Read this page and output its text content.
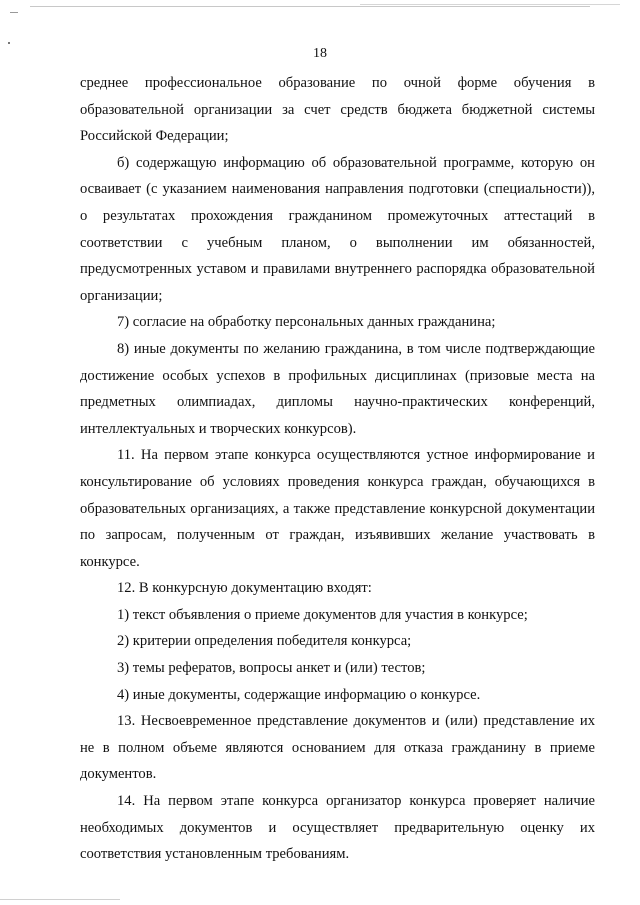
18

среднее профессиональное образование по очной форме обучения в образовательной организации за счет средств бюджета бюджетной системы Российской Федерации;

б) содержащую информацию об образовательной программе, которую он осваивает (с указанием наименования направления подготовки (специальности)), о результатах прохождения гражданином промежуточных аттестаций в соответствии с учебным планом, о выполнении им обязанностей, предусмотренных уставом и правилами внутреннего распорядка образовательной организации;

7) согласие на обработку персональных данных гражданина;

8) иные документы по желанию гражданина, в том числе подтверждающие достижение особых успехов в профильных дисциплинах (призовые места на предметных олимпиадах, дипломы научно-практических конференций, интеллектуальных и творческих конкурсов).

11. На первом этапе конкурса осуществляются устное информирование и консультирование об условиях проведения конкурса граждан, обучающихся в образовательных организациях, а также представление конкурсной документации по запросам, полученным от граждан, изъявивших желание участвовать в конкурсе.

12. В конкурсную документацию входят:

1) текст объявления о приеме документов для участия в конкурсе;

2) критерии определения победителя конкурса;

3) темы рефератов, вопросы анкет и (или) тестов;

4) иные документы, содержащие информацию о конкурсе.

13. Несвоевременное представление документов и (или) представление их не в полном объеме являются основанием для отказа гражданину в приеме документов.

14. На первом этапе конкурса организатор конкурса проверяет наличие необходимых документов и осуществляет предварительную оценку их соответствия установленным требованиям.
